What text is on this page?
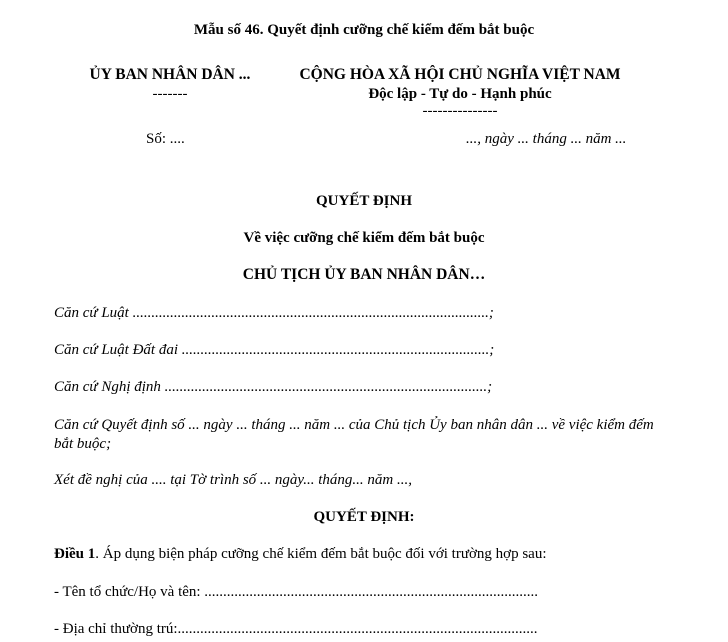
Mẫu số 46. Quyết định cưỡng chế kiểm đếm bắt buộc
ỦY BAN NHÂN DÂN ...
-------
CỘNG HÒA XÃ HỘI CHỦ NGHĨA VIỆT NAM
Độc lập - Tự do - Hạnh phúc
---------------
Số: ....	..., ngày ... tháng ... năm ...
QUYẾT ĐỊNH
Về việc cưỡng chế kiểm đếm bắt buộc
CHỦ TỊCH ỦY BAN NHÂN DÂN…
Căn cứ Luật ...............................................................................................;
Căn cứ Luật Đất đai ..................................................................................;
Căn cứ Nghị định ......................................................................................;
Căn cứ Quyết định số ... ngày ... tháng ... năm ... của Chủ tịch Ủy ban nhân dân ... về việc kiểm đếm bắt buộc;
Xét đề nghị của .... tại Tờ trình số ... ngày... tháng... năm ...,
QUYẾT ĐỊNH:
Điều 1. Áp dụng biện pháp cưỡng chế kiểm đếm bắt buộc đối với trường hợp sau:
- Tên tổ chức/Họ và tên: .........................................................................................
- Địa chỉ thường trú:................................................................................................
